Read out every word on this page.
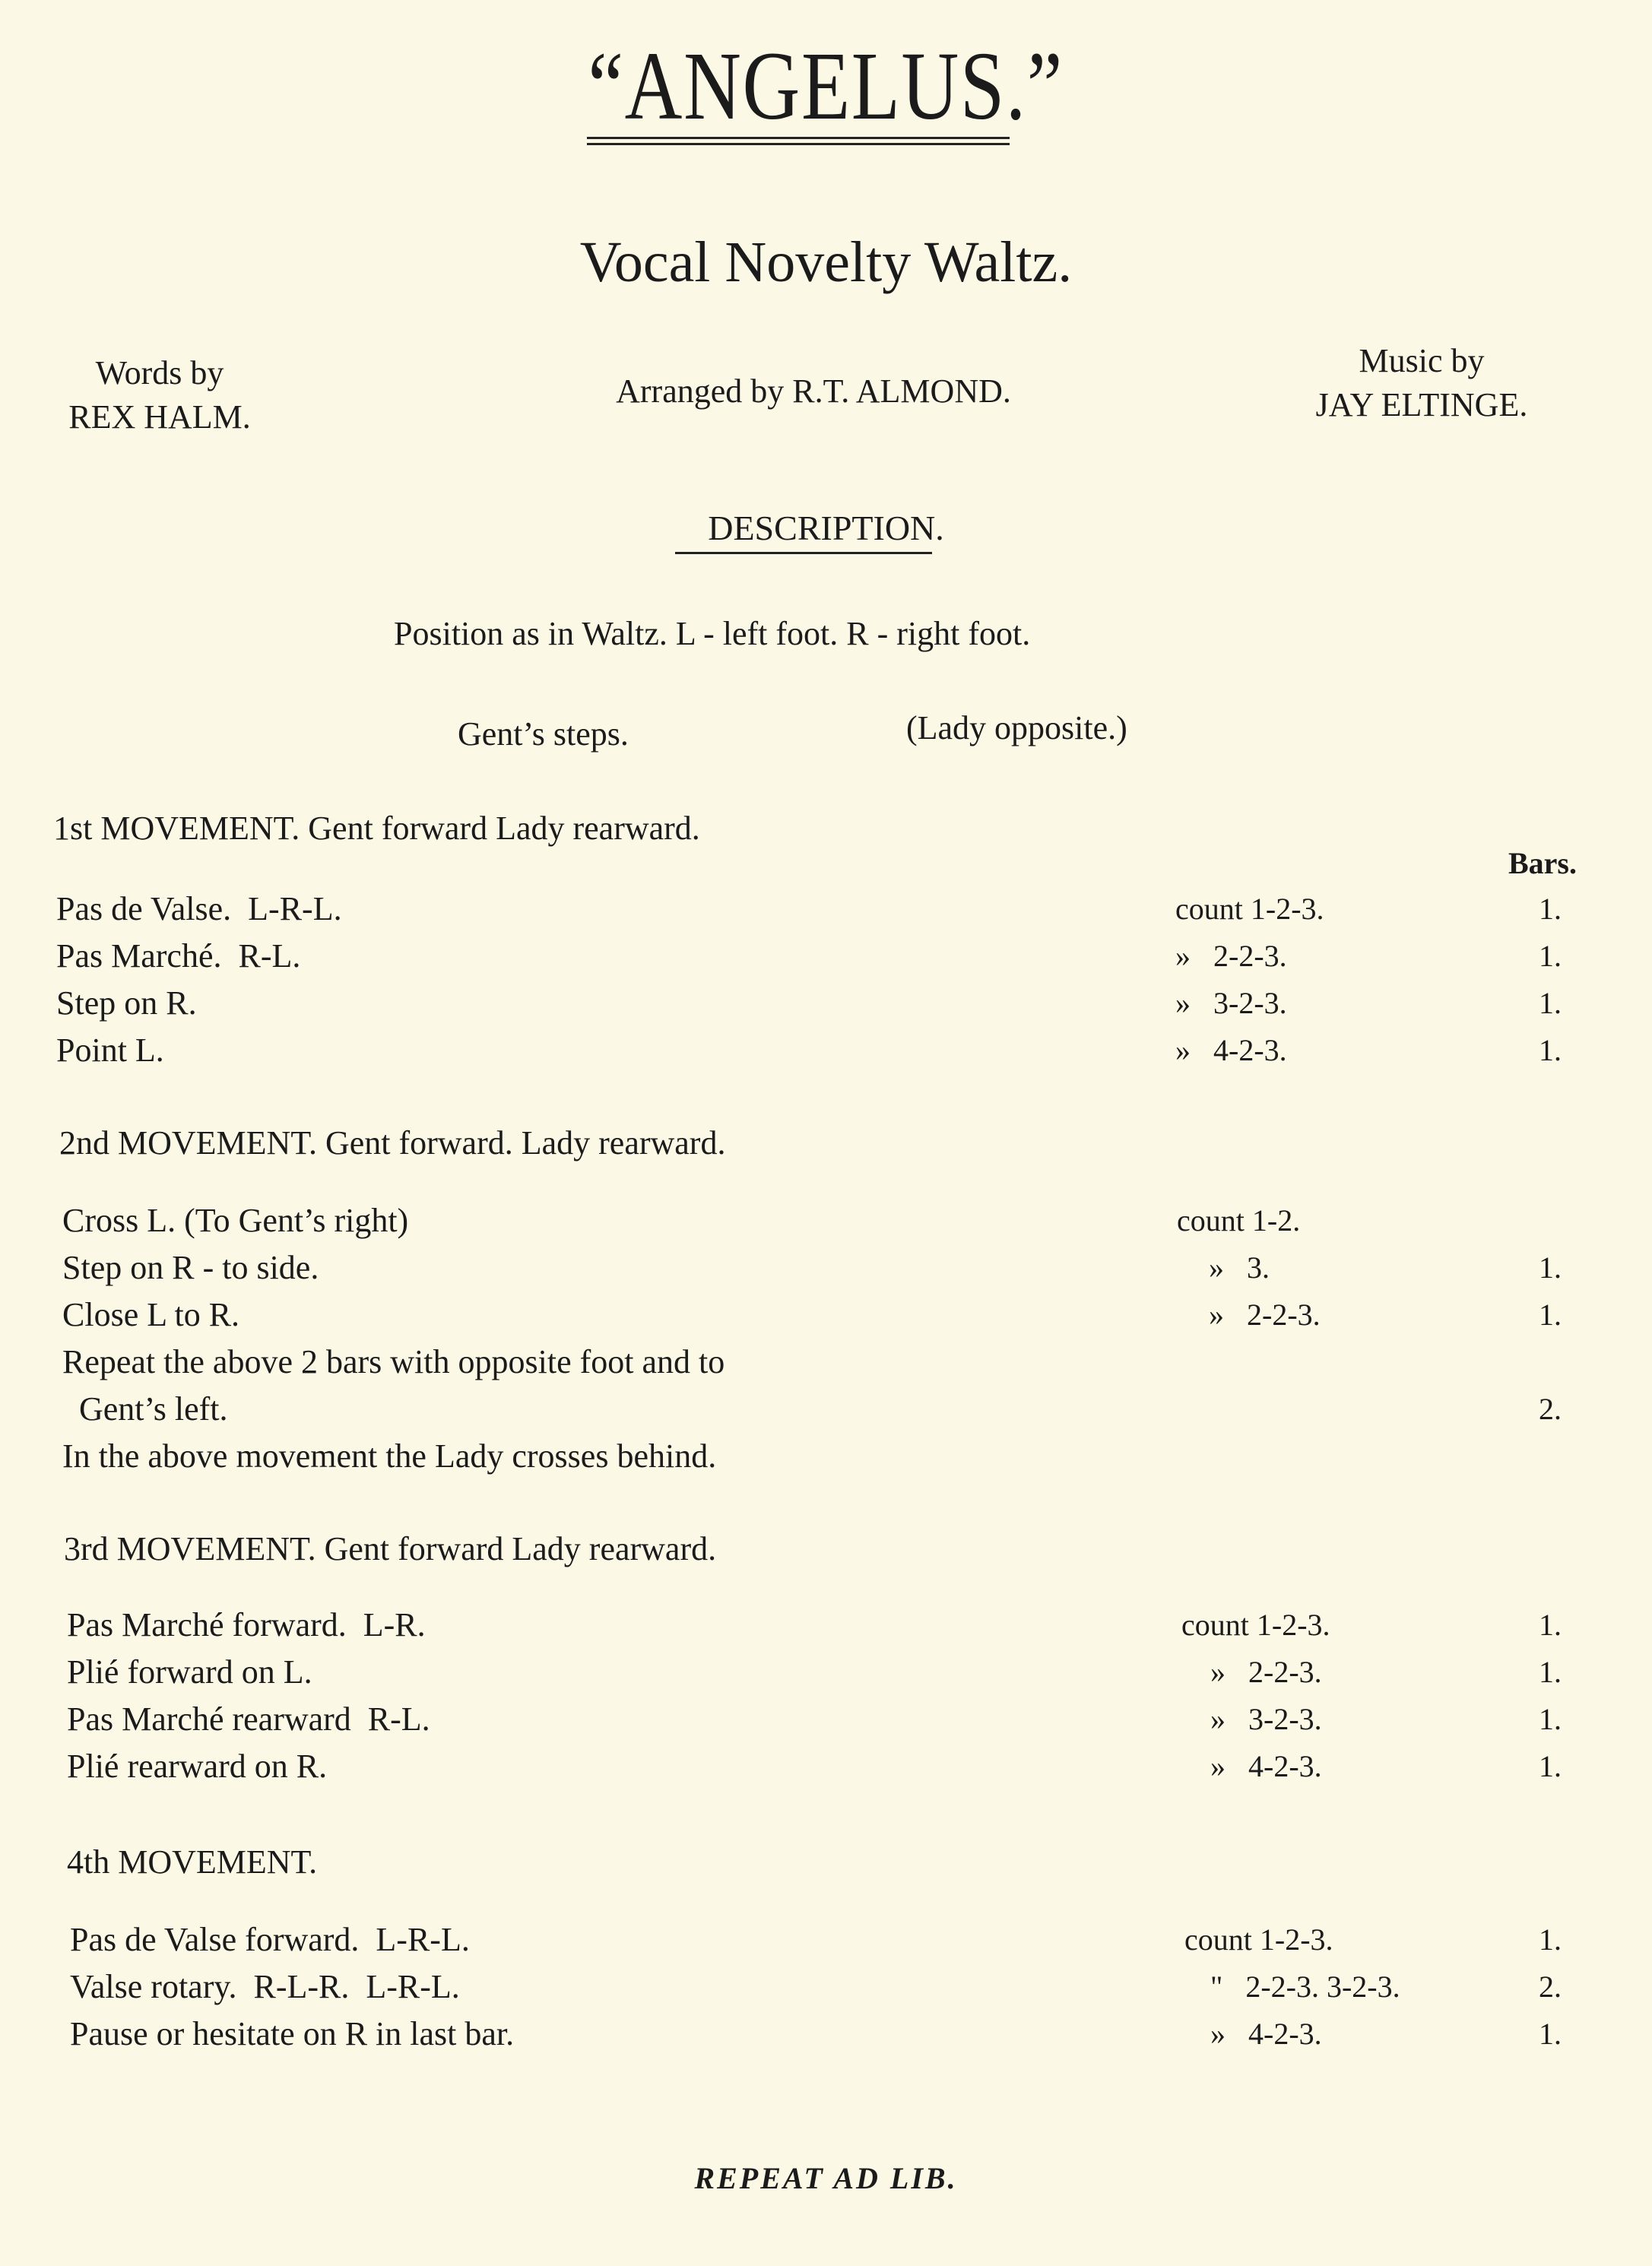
“ANGELUS.”
Vocal Novelty Waltz.
Words by
REX HALM.
Arranged by R.T. ALMOND.
Music by
JAY ELTINGE.
DESCRIPTION.
Position as in Waltz. L - left foot. R - right foot.
Gent’s steps.	(Lady opposite.)
Bars.
1st MOVEMENT. Gent forward Lady rearward.
Pas de Valse.  L-R-L.	count 1-2-3.	1.
Pas Marché.  R-L.	»   2-2-3.	1.
Step on R.	»   3-2-3.	1.
Point L.	»   4-2-3.	1.
2nd MOVEMENT. Gent forward. Lady rearward.
Cross L. (To Gent’s right)	count 1-2.
Step on R - to side.	»   3.	1.
Close L to R.	»   2-2-3.	1.
Repeat the above 2 bars with opposite foot and to
Gent’s left.	2.
In the above movement the Lady crosses behind.
3rd MOVEMENT. Gent forward Lady rearward.
Pas Marché forward.  L-R.	count 1-2-3.	1.
Plié forward on L.	»   2-2-3.	1.
Pas Marché rearward  R-L.	»   3-2-3.	1.
Plié rearward on R.	»   4-2-3.	1.
4th MOVEMENT.
Pas de Valse forward.  L-R-L.	count 1-2-3.	1.
Valse rotary.  R-L-R.  L-R-L.	"   2-2-3. 3-2-3.	2.
Pause or hesitate on R in last bar.	»   4-2-3.	1.
REPEAT AD LIB.
